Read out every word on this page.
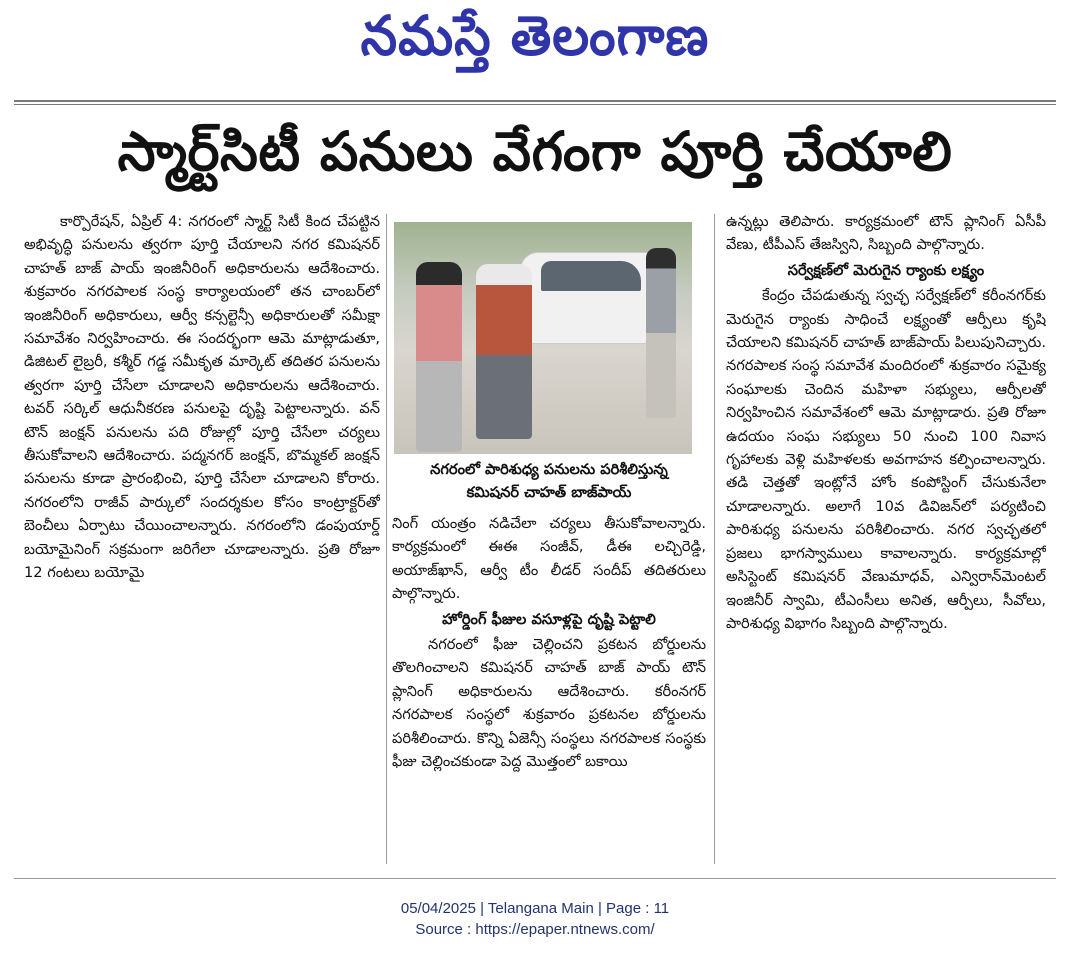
నమస్తే తెలంగాణ
స్మార్ట్‌సిటీ పనులు వేగంగా పూర్తి చేయాలి

కార్పొరేషన్, ఏప్రిల్ 4: నగరంలో స్మార్ట్ సిటీ కింద చేపట్టిన అభివృద్ధి పనులను త్వరగా పూర్తి చేయాలని నగర కమిషనర్ చాహత్ బాజ్ పాయ్ ఇంజినీరింగ్ అధికారులను ఆదేశించారు. శుక్రవారం నగరపాలక సంస్థ కార్యాలయంలో తన చాంబర్‌లో ఇంజినీరింగ్ అధికారులు, ఆర్వీ కన్సల్టెన్సీ అధికారులతో సమీక్షా సమావేశం నిర్వహించారు. ఈ సందర్భంగా ఆమె మాట్లాడుతూ, డిజిటల్ లైబ్రరీ, కశ్మీర్ గడ్డ సమీకృత మార్కెట్ తదితర పనులను త్వరగా పూర్తి చేసేలా చూడాలని అధికారులను ఆదేశించారు. టవర్ సర్కిల్ ఆధునీకరణ పనులపై దృష్టి పెట్టాలన్నారు. వన్ టౌన్ జంక్షన్ పనులను పది రోజుల్లో పూర్తి చేసేలా చర్యలు తీసుకోవాలని ఆదేశించారు. పద్మనగర్ జంక్షన్, బొమ్మకల్ జంక్షన్ పనులను కూడా ప్రారంభించి, పూర్తి చేసేలా చూడాలని కోరారు. నగరంలోని రాజీవ్ పార్కులో సందర్శకుల కోసం కాంట్రాక్టర్‌తో బెంచీలు ఏర్పాటు చేయించాలన్నారు. నగరంలోని డంపుయార్డ్ బయోమైనింగ్ సక్రమంగా జరిగేలా చూడాలన్నారు. ప్రతి రోజూ 12 గంటలు బయోమై

నగరంలో పారిశుధ్య పనులను పరిశీలిస్తున్న
కమిషనర్ చాహత్ బాజ్‌పాయ్

నింగ్ యంత్రం నడిచేలా చర్యలు తీసుకోవాలన్నారు. కార్యక్రమంలో ఈఈ సంజీవ్, డీఈ లచ్చిరెడ్డి, అయాజ్‌ఖాన్, ఆర్వీ టీం లీడర్ సందీప్ తదితరులు పాల్గొన్నారు.

హోర్డింగ్ ఫీజుల వసూళ్లపై దృష్టి పెట్టాలి

నగరంలో ఫీజు చెల్లించని ప్రకటన బోర్డులను తొలగించాలని కమిషనర్ చాహత్ బాజ్ పాయ్ టౌన్ ప్లానింగ్ అధికారులను ఆదేశించారు. కరీంనగర్ నగరపాలక సంస్థలో శుక్రవారం ప్రకటనల బోర్డులను పరిశీలించారు. కొన్ని ఏజెన్సీ సంస్థలు నగరపాలక సంస్థకు ఫీజు చెల్లించకుండా పెద్ద మొత్తంలో బకాయి

ఉన్నట్లు తెలిపారు. కార్యక్రమంలో టౌన్ ప్లానింగ్ ఏసీపీ వేణు, టీపీఎస్ తేజస్విని, సిబ్బంది పాల్గొన్నారు.

సర్వేక్షణ్‌లో మెరుగైన ర్యాంకు లక్ష్యం

కేంద్రం చేపడుతున్న స్వచ్ఛ సర్వేక్షణ్‌లో కరీంనగర్‌కు మెరుగైన ర్యాంకు సాధించే లక్ష్యంతో ఆర్పీలు కృషి చేయాలని కమిషనర్ చాహత్ బాజ్‌పాయ్ పిలుపునిచ్చారు. నగరపాలక సంస్థ సమావేశ మందిరంలో శుక్రవారం సమైక్య సంఘాలకు చెందిన మహిళా సభ్యులు, ఆర్పీలతో నిర్వహించిన సమావేశంలో ఆమె మాట్లాడారు. ప్రతి రోజూ ఉదయం సంఘ సభ్యులు 50 నుంచి 100 నివాస గృహాలకు వెళ్లి మహిళలకు అవగాహన కల్పించాలన్నారు. తడి చెత్తతో ఇంట్లోనే హోం కంపోస్టింగ్ చేసుకునేలా చూడాలన్నారు. అలాగే 10వ డివిజన్‌లో పర్యటించి పారిశుధ్య పనులను పరిశీలించారు. నగర స్వచ్ఛతలో ప్రజలు భాగస్వాములు కావాలన్నారు. కార్యక్రమాల్లో అసిస్టెంట్ కమిషనర్ వేణుమాధవ్, ఎన్విరాన్‌మెంటల్ ఇంజినీర్ స్వామి, టీఎంసీలు అనిత, ఆర్పీలు, సీవోలు, పారిశుధ్య విభాగం సిబ్బంది పాల్గొన్నారు.

05/04/2025 | Telangana Main | Page : 11
Source : https://epaper.ntnews.com/
